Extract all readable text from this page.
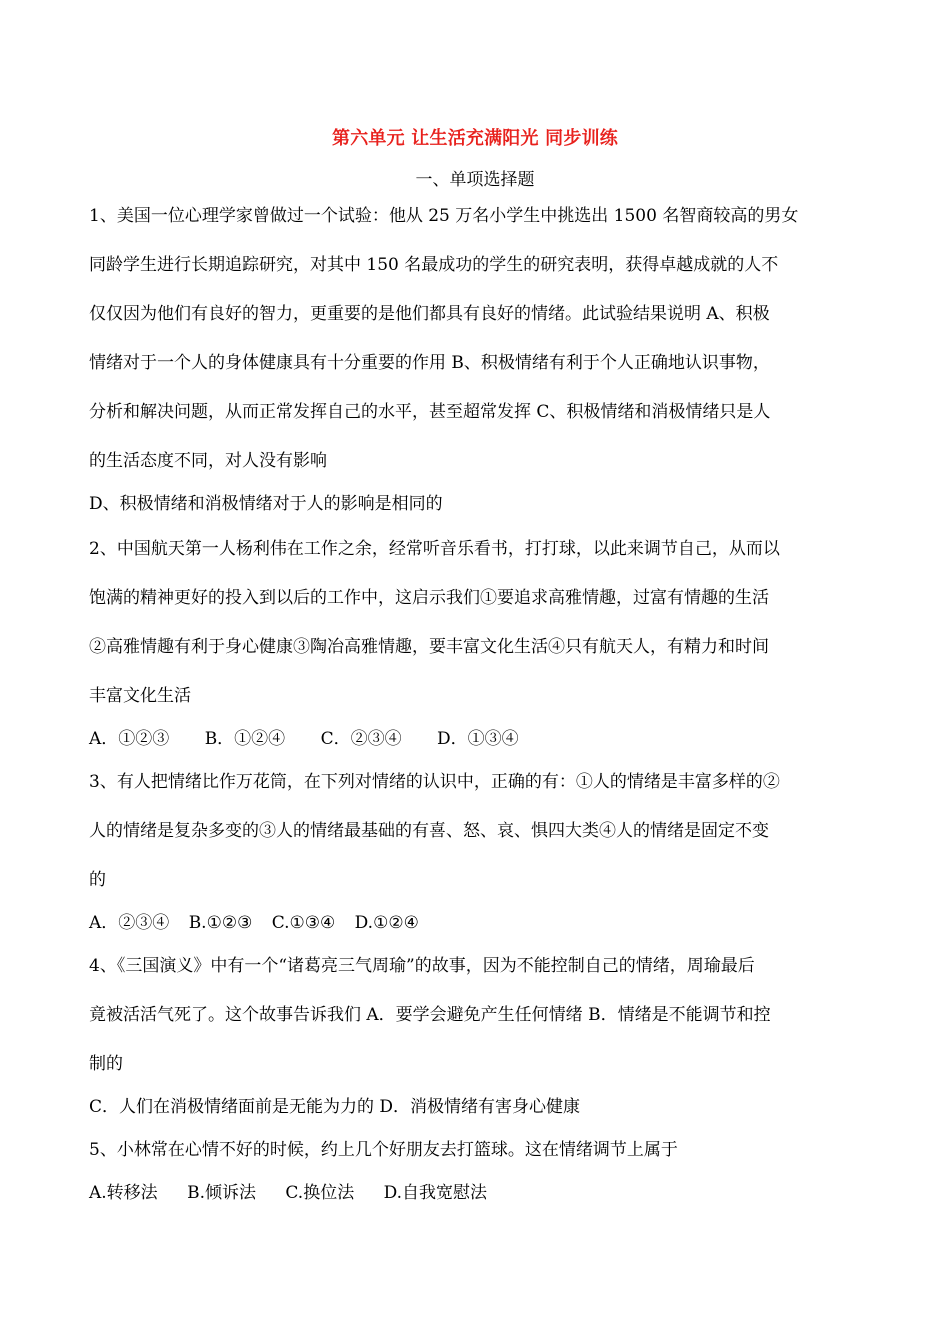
第六单元 让生活充满阳光 同步训练
一、单项选择题
1、美国一位心理学家曾做过一个试验：他从 25 万名小学生中挑选出 1500 名智商较高的男女
同龄学生进行长期追踪研究，对其中 150 名最成功的学生的研究表明，获得卓越成就的人不
仅仅因为他们有良好的智力，更重要的是他们都具有良好的情绪。此试验结果说明 A、积极
情绪对于一个人的身体健康具有十分重要的作用 B、积极情绪有利于个人正确地认识事物，
分析和解决问题，从而正常发挥自己的水平，甚至超常发挥 C、积极情绪和消极情绪只是人
的生活态度不同，对人没有影响
D、积极情绪和消极情绪对于人的影响是相同的
2、中国航天第一人杨利伟在工作之余，经常听音乐看书，打打球，以此来调节自己，从而以
饱满的精神更好的投入到以后的工作中，这启示我们①要追求高雅情趣，过富有情趣的生活
②高雅情趣有利于身心健康③陶冶高雅情趣，要丰富文化生活④只有航天人，有精力和时间
丰富文化生活
A．①②③ B．①②④ C．②③④ D．①③④
3、有人把情绪比作万花筒，在下列对情绪的认识中，正确的有：①人的情绪是丰富多样的②
人的情绪是复杂多变的③人的情绪最基础的有喜、怒、哀、惧四大类④人的情绪是固定不变
的
A．②③④ B.①②③ C.①③④ D.①②④
4、《三国演义》中有一个“诸葛亮三气周瑜”的故事，因为不能控制自己的情绪，周瑜最后
竟被活活气死了。这个故事告诉我们 A．要学会避免产生任何情绪 B．情绪是不能调节和控
制的
C．人们在消极情绪面前是无能为力的 D．消极情绪有害身心健康
5、小林常在心情不好的时候，约上几个好朋友去打篮球。这在情绪调节上属于
A.转移法 B.倾诉法 C.换位法 D.自我宽慰法
